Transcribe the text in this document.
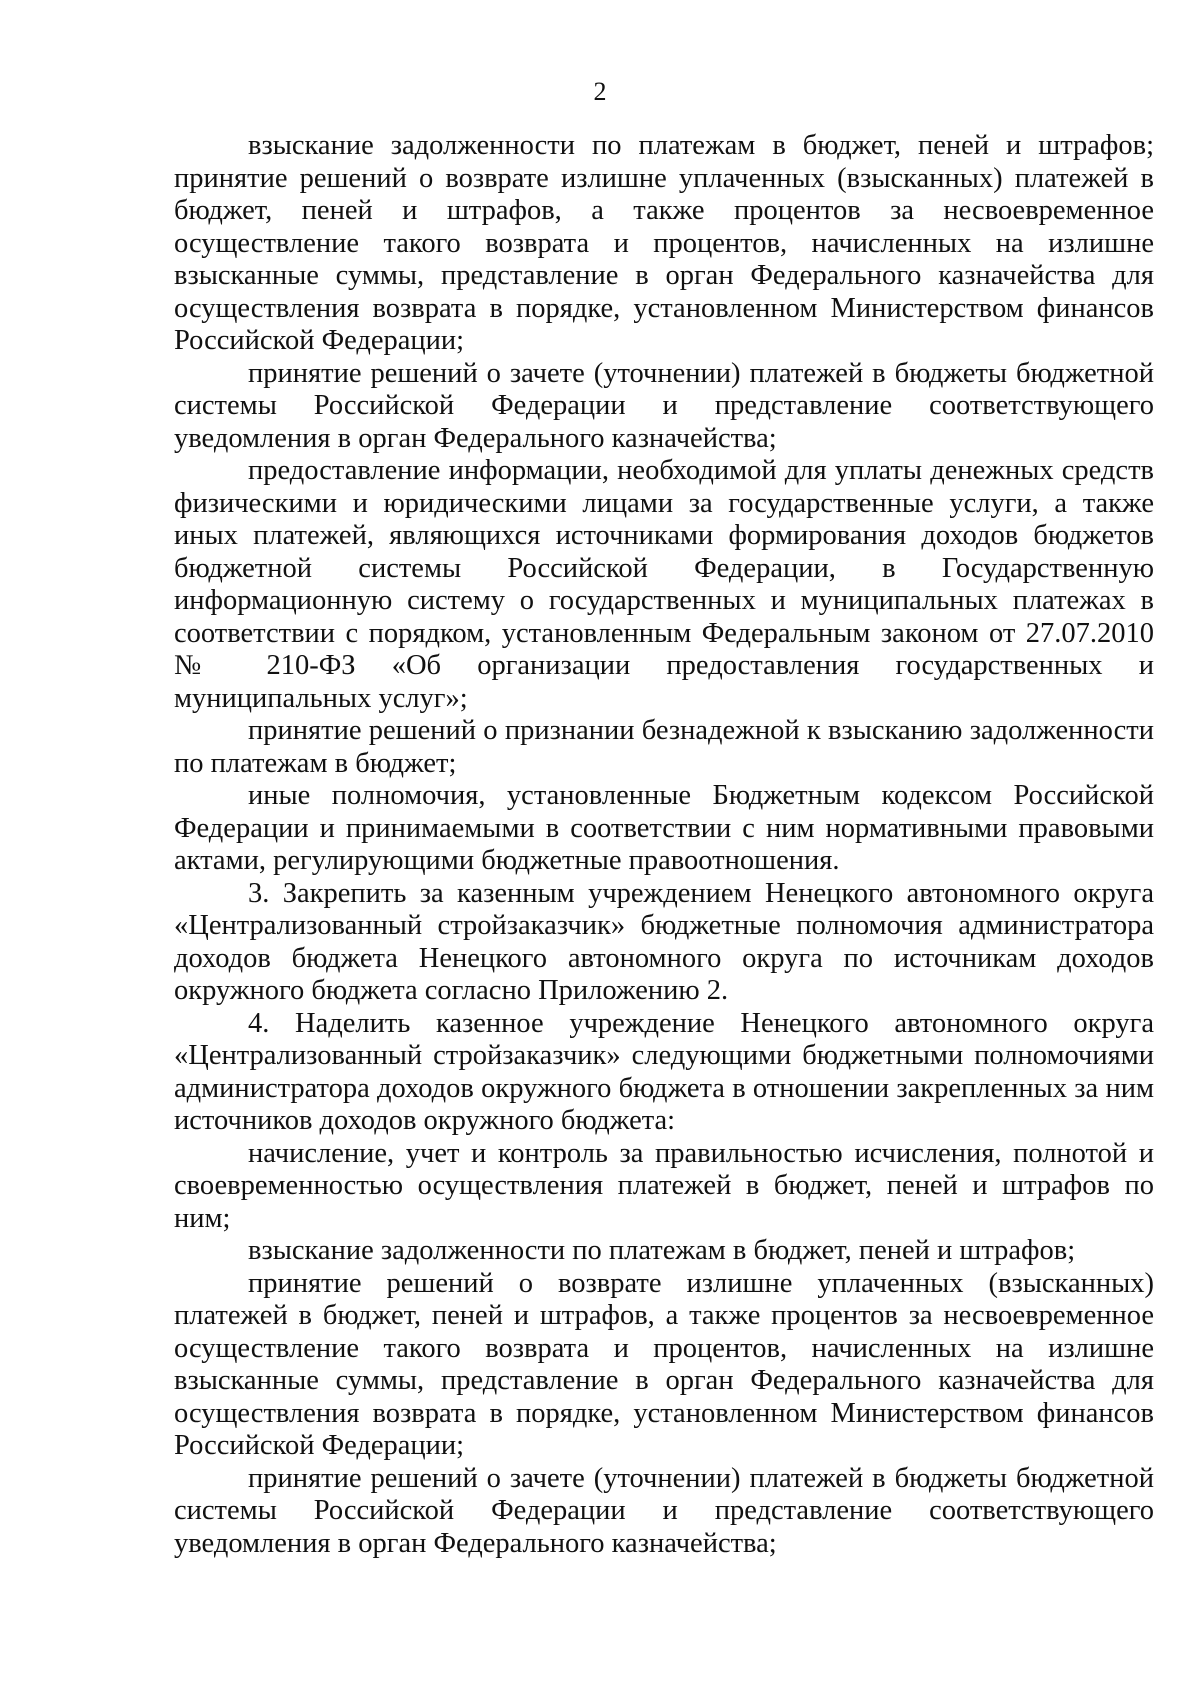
2

взыскание задолженности по платежам в бюджет, пеней и штрафов; принятие решений о возврате излишне уплаченных (взысканных) платежей в бюджет, пеней и штрафов, а также процентов за несвоевременное осуществление такого возврата и процентов, начисленных на излишне взысканные суммы, представление в орган Федерального казначейства для осуществления возврата в порядке, установленном Министерством финансов Российской Федерации;

принятие решений о зачете (уточнении) платежей в бюджеты бюджетной системы Российской Федерации и представление соответствующего уведомления в орган Федерального казначейства;

предоставление информации, необходимой для уплаты денежных средств физическими и юридическими лицами за государственные услуги, а также иных платежей, являющихся источниками формирования доходов бюджетов бюджетной системы Российской Федерации, в Государственную информационную систему о государственных и муниципальных платежах в соответствии с порядком, установленным Федеральным законом от 27.07.2010 № 210-ФЗ «Об организации предоставления государственных и муниципальных услуг»;

принятие решений о признании безнадежной к взысканию задолженности по платежам в бюджет;

иные полномочия, установленные Бюджетным кодексом Российской Федерации и принимаемыми в соответствии с ним нормативными правовыми актами, регулирующими бюджетные правоотношения.

3. Закрепить за казенным учреждением Ненецкого автономного округа «Централизованный стройзаказчик» бюджетные полномочия администратора доходов бюджета Ненецкого автономного округа по источникам доходов окружного бюджета согласно Приложению 2.

4. Наделить казенное учреждение Ненецкого автономного округа «Централизованный стройзаказчик» следующими бюджетными полномочиями администратора доходов окружного бюджета в отношении закрепленных за ним источников доходов окружного бюджета:

начисление, учет и контроль за правильностью исчисления, полнотой и своевременностью осуществления платежей в бюджет, пеней и штрафов по ним;

взыскание задолженности по платежам в бюджет, пеней и штрафов;

принятие решений о возврате излишне уплаченных (взысканных) платежей в бюджет, пеней и штрафов, а также процентов за несвоевременное осуществление такого возврата и процентов, начисленных на излишне взысканные суммы, представление в орган Федерального казначейства для осуществления возврата в порядке, установленном Министерством финансов Российской Федерации;

принятие решений о зачете (уточнении) платежей в бюджеты бюджетной системы Российской Федерации и представление соответствующего уведомления в орган Федерального казначейства;
